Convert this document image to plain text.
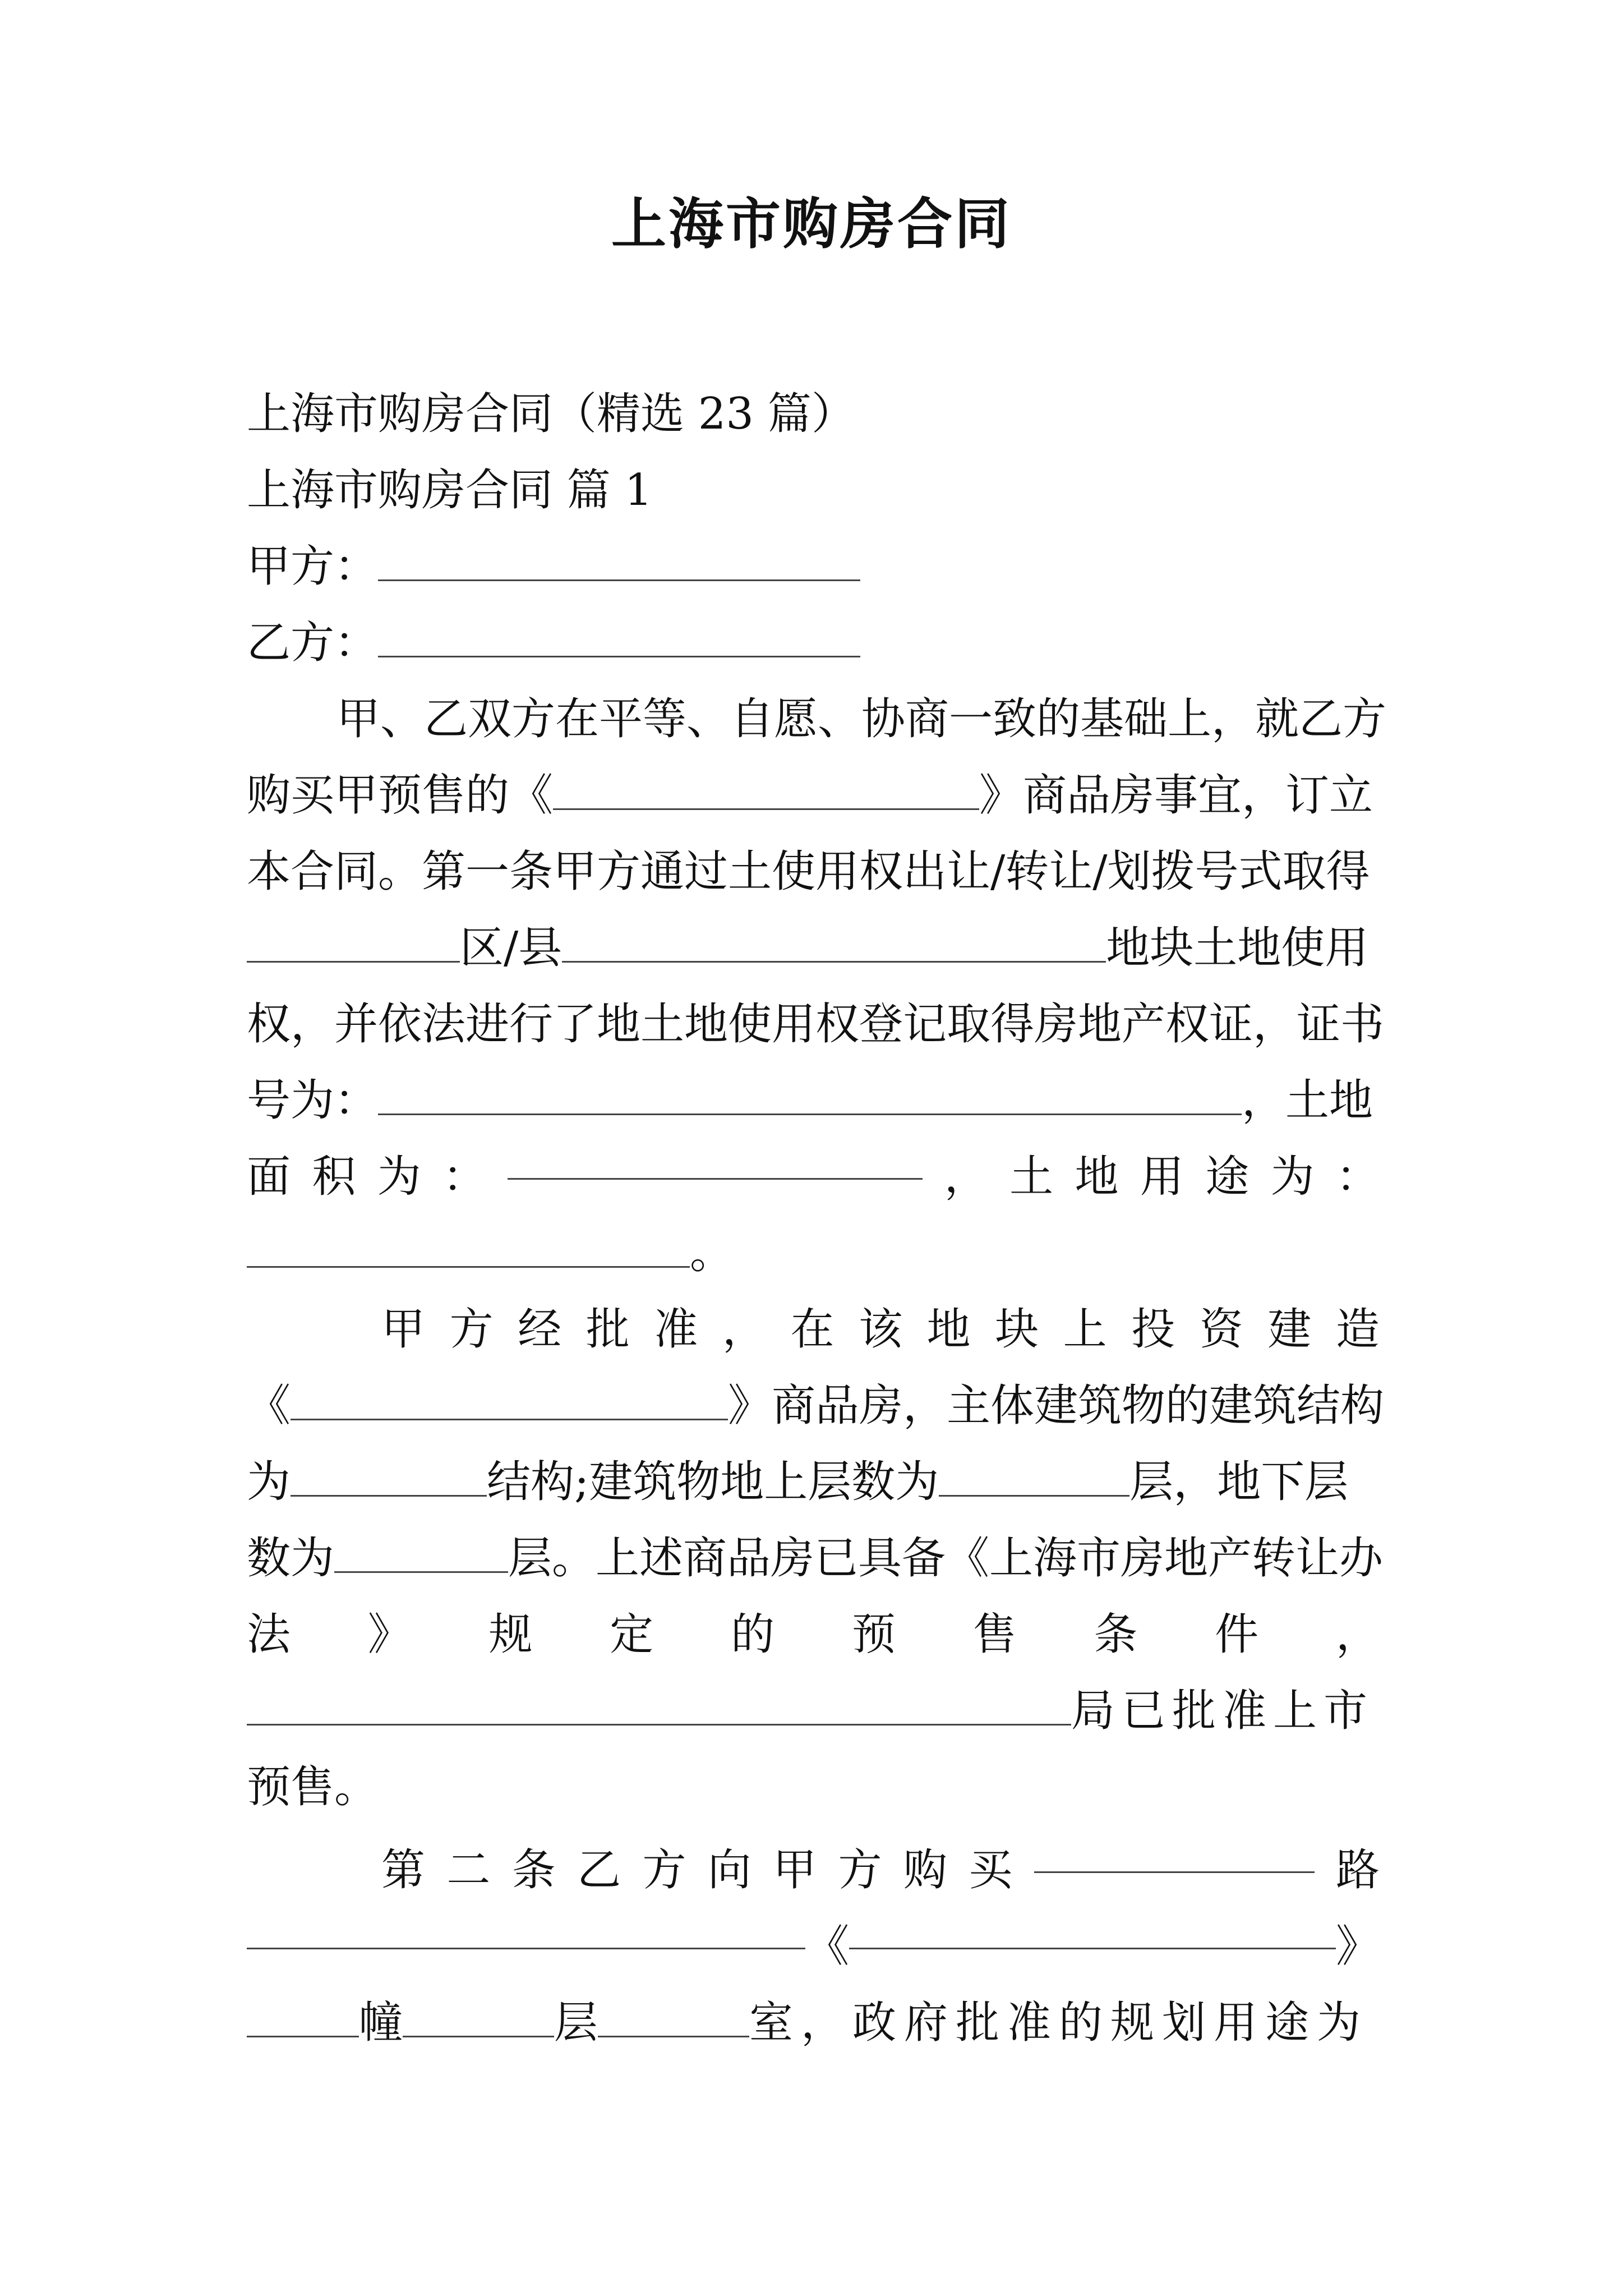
上海市购房合同
上海市购房合同（精选 23 篇）
上海市购房合同 篇 1
甲方：
乙方：
甲、乙双方在平等、自愿、协商一致的基础上，就乙方
购买甲预售的《	》商品房事宜，订立
本合同。第一条甲方通过土使用权出让/转让/划拨号式取得
区/县	地块土地使用
权，并依法进行了地土地使用权登记取得房地产权证，证书
号为：	，土地
面 积 为 ：	， 土 地 用 途 为 ：
。
甲 方 经 批 准 ， 在 该 地 块 上 投 资 建 造
《	》商品房，主体建筑物的建筑结构
为	结构;建筑物地上层数为	层，地下层
数为	层。上述商品房已具备《上海市房地产转让办
法 》 规 定 的 预 售 条 件 ，
局已批准上市
预售。
第 二 条 乙 方 向 甲 方 购 买	路
《	》
幢	层	室，政府批准的规划用途为
